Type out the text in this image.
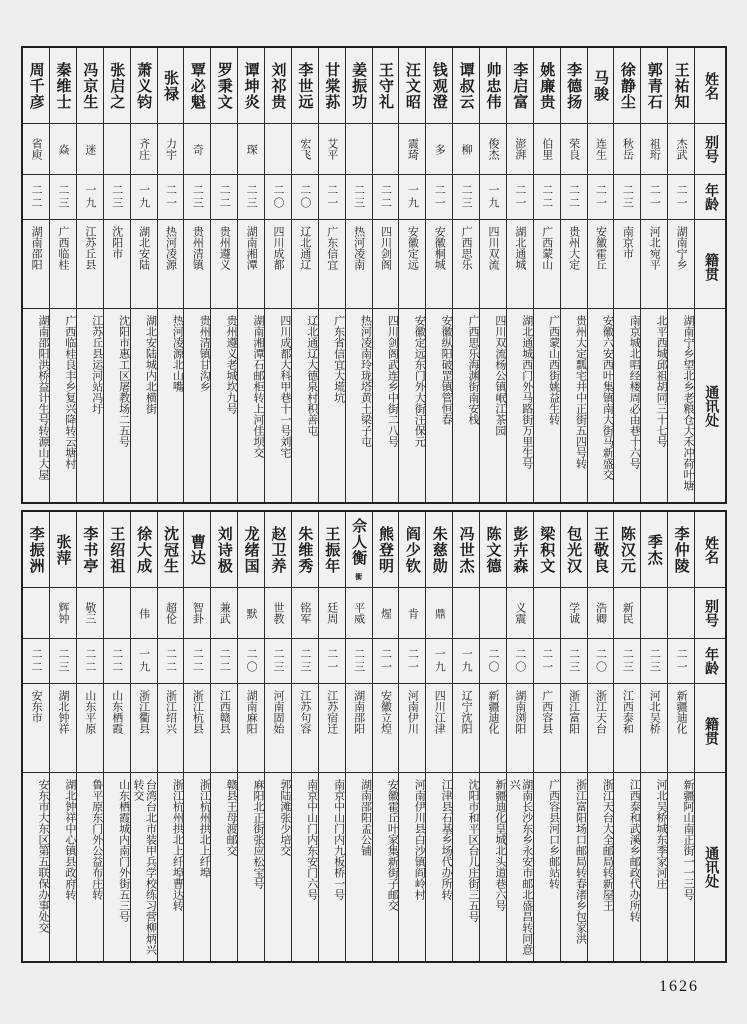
姓名
别号
年龄
籍贯
通讯处
王祐知
杰武
二一
湖南宁乡
湖南宁乡望北乡老粮仓大禾冲荷叶塘
郭青石
祖珩
二一
河北宛平
北平西城邱祖胡同三十七号
徐静尘
秋岳
二三
南京市
南京城北唱经楼周必由巷十六号
马骏
连生
二一
安徽霍丘
安徽六安西叶集镇南大街马新盛交
李德扬
荣良
二二
贵州大定
贵州大定瓢宅井中正街五四号转
姚廉贵
伯里
二二
广西蒙山
广西蒙山西街姚益生转
李启富
澎湃
二一
湖北通城
湖北通城西门外马路街万里生号
帅忠伟
俊杰
一九
四川双流
四川双流杨公镇岷江茶园
谭叔云
柳
二三
广西思乐
广西思乐海渊街南安栈
钱观澄
多
二一
安徽桐城
安徽纵阳破罡镇管恒春
汪文昭
震琦
一九
安徽定远
安徽定远东门外大街汪保元
王守礼
二二
四川剑阁
四川剑阁武连乡中街二八号
姜振功
二三
热河凌南
热河凌南玲珑塔黄土梁子屯
甘棠荪
艾平
二一
广东信宜
广东省信宜大塃坑
李世远
宏飞
二〇
辽北通辽
辽北通辽大德泉村积善屯
刘祁贵
二〇
四川成都
四川成都大科甲巷十一号刘宅
谭坤炎
琛
二三
湖南湘潭
湖南湘潭石邮柜转上河佳坝交
罗秉文
二二
贵州遵义
贵州遵义老城坎九号
覃必魁
奇
二三
贵州清镇
贵州清镇甘沟乡
张禄
力宇
二一
热河凌源
热河凌源北山嘴
萧义钧
齐庄
一九
湖北安陆
湖北安陆城内北横街
张启之
二三
沈阳市
沈阳市惠工区屠教场二五号
冯京生
迷
一九
江苏丘县
江苏丘县运河站冯圩
秦维士
焱
二三
广西临桂
广西临桂良丰乡复兴降转云塘村
周千彦
省庾
二二
湖南邵阳
湖南邵阳洪桥益计生号转源山大屋
姓名
别号
年龄
籍贯
通讯处
李仲陵
二一
新疆迪化
新疆阿山南正街一一三号
季杰
二三
河北吴桥
河北吴桥城东季家河庄
陈汉元
新民
二三
江西泰和
江西泰和武溪乡邮政代办所转
王敬良
浩卿
二〇
浙江天台
浙江天台大全邮局转新屋王
包光汉
学诚
二三
浙江富阳
浙江富阳场口邮局转春渚乡包家洪
梁积文
二一
广西容县
广西容县河口乡邮站转
彭卉森
义震
二〇
湖南浏阳
湖南长沙东乡永安市邮北盛昌转同意兴
陈文德
二〇
新疆迪化
新疆迪化皇城北头道巷六号
冯世杰
一九
辽宁沈阳
沈阳市和平区台儿庄街三五号
朱慈勋
鼎
一九
四川江津
江津县石基乡场代办所转
阎少钦
肯
二一
河南伊川
河南伊川县白沙镇阎岭村
熊登明
煋
二一
安徽立煌
安徽霍丘叶家集新街子邮交
佘人衡
衝
平威
二三
湖南邵阳
湖南邵阳孟公铺
王振年
廷周
二一
江苏宿迁
南京中山门内九板桥一号
朱维秀
铭军
二三
江苏句容
南京中山门内东安门六号
赵卫养
世教
二三
河南固始
郭陆滩张少培交
龙绪国
默
二〇
湖南麻阳
麻阳北正街张应松宝号
刘诗极
兼武
二二
江西赣县
赣县王母渡邮交
曹达
智卦
二二
浙江杭县
浙江杭州拱北上纤埠
沈冠生
超伦
二二
浙江绍兴
浙江杭州拱北上纤埠曹达转
徐大成
伟
一九
浙江衢县
台湾台北市装甲兵学校练习营柳炳兴转交
王绍祖
二二
山东栖霞
山东栖霞城内南门外街五三号
李书亭
敬三
二二
山东平原
鲁平原东门外公益布庄转
张萍
辉钟
二三
湖北钟祥
湖北钟祥中心镇县政府转
李振洲
二二
安东市
安东市大东区第五联保办事处交
1626
